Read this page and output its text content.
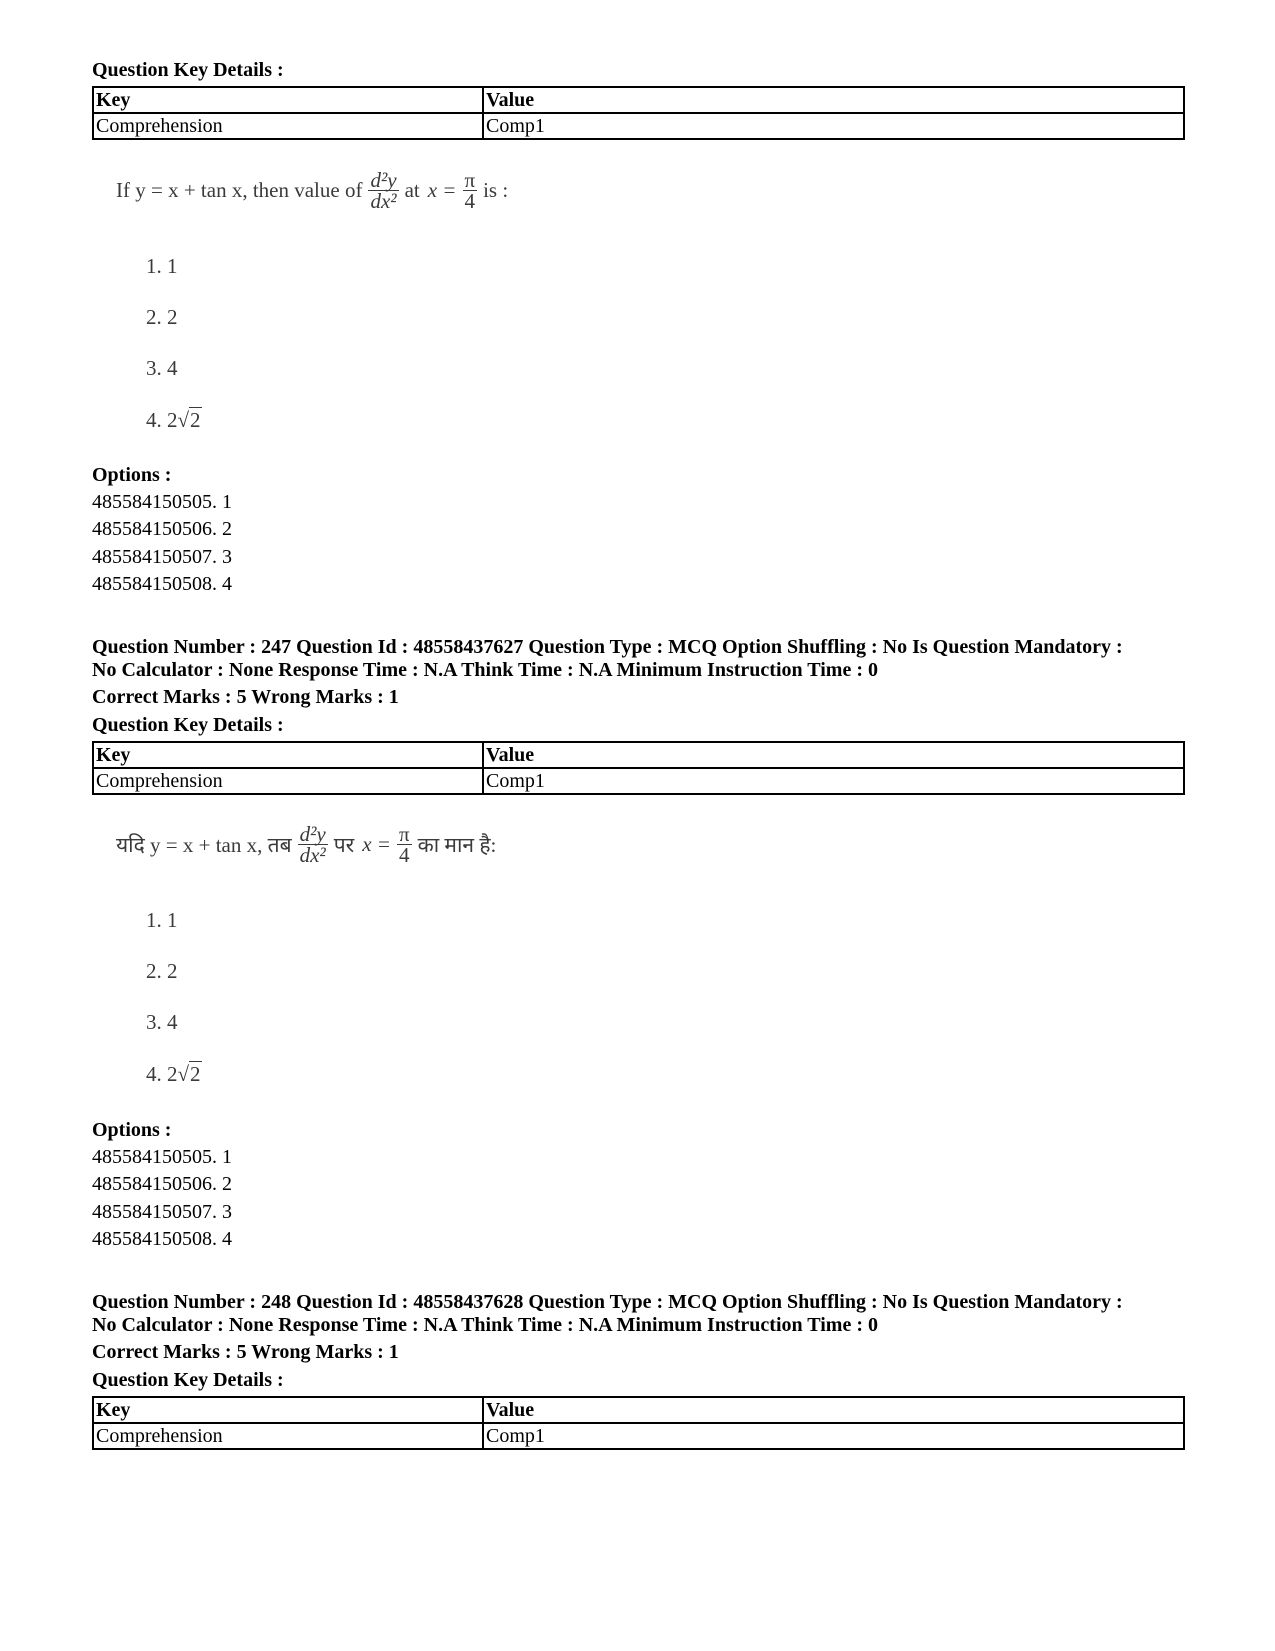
Question Key Details :
Key	Value
Comprehension	Comp1
If y = x + tan x, then value of $\frac{\text{d²y}}{\text{dx²}}$ at $x = \frac{\pi}{4}$ is :
1. 1
2. 2
3. 4
4. 2√2
Options :
485584150505. 1
485584150506. 2
485584150507. 3
485584150508. 4
Question Number : 247 Question Id : 48558437627 Question Type : MCQ Option Shuffling : No Is Question Mandatory :
No Calculator : None Response Time : N.A Think Time : N.A Minimum Instruction Time : 0
Correct Marks : 5 Wrong Marks : 1
Question Key Details :
Key	Value
Comprehension	Comp1
यदि y = x + tan x, तब $\frac{\text{d²y}}{\text{dx²}}$ पर $x = \frac{\pi}{4}$ का मान है:
1. 1
2. 2
3. 4
4. 2√2
Options :
485584150505. 1
485584150506. 2
485584150507. 3
485584150508. 4
Question Number : 248 Question Id : 48558437628 Question Type : MCQ Option Shuffling : No Is Question Mandatory :
No Calculator : None Response Time : N.A Think Time : N.A Minimum Instruction Time : 0
Correct Marks : 5 Wrong Marks : 1
Question Key Details :
Key	Value
Comprehension	Comp1
